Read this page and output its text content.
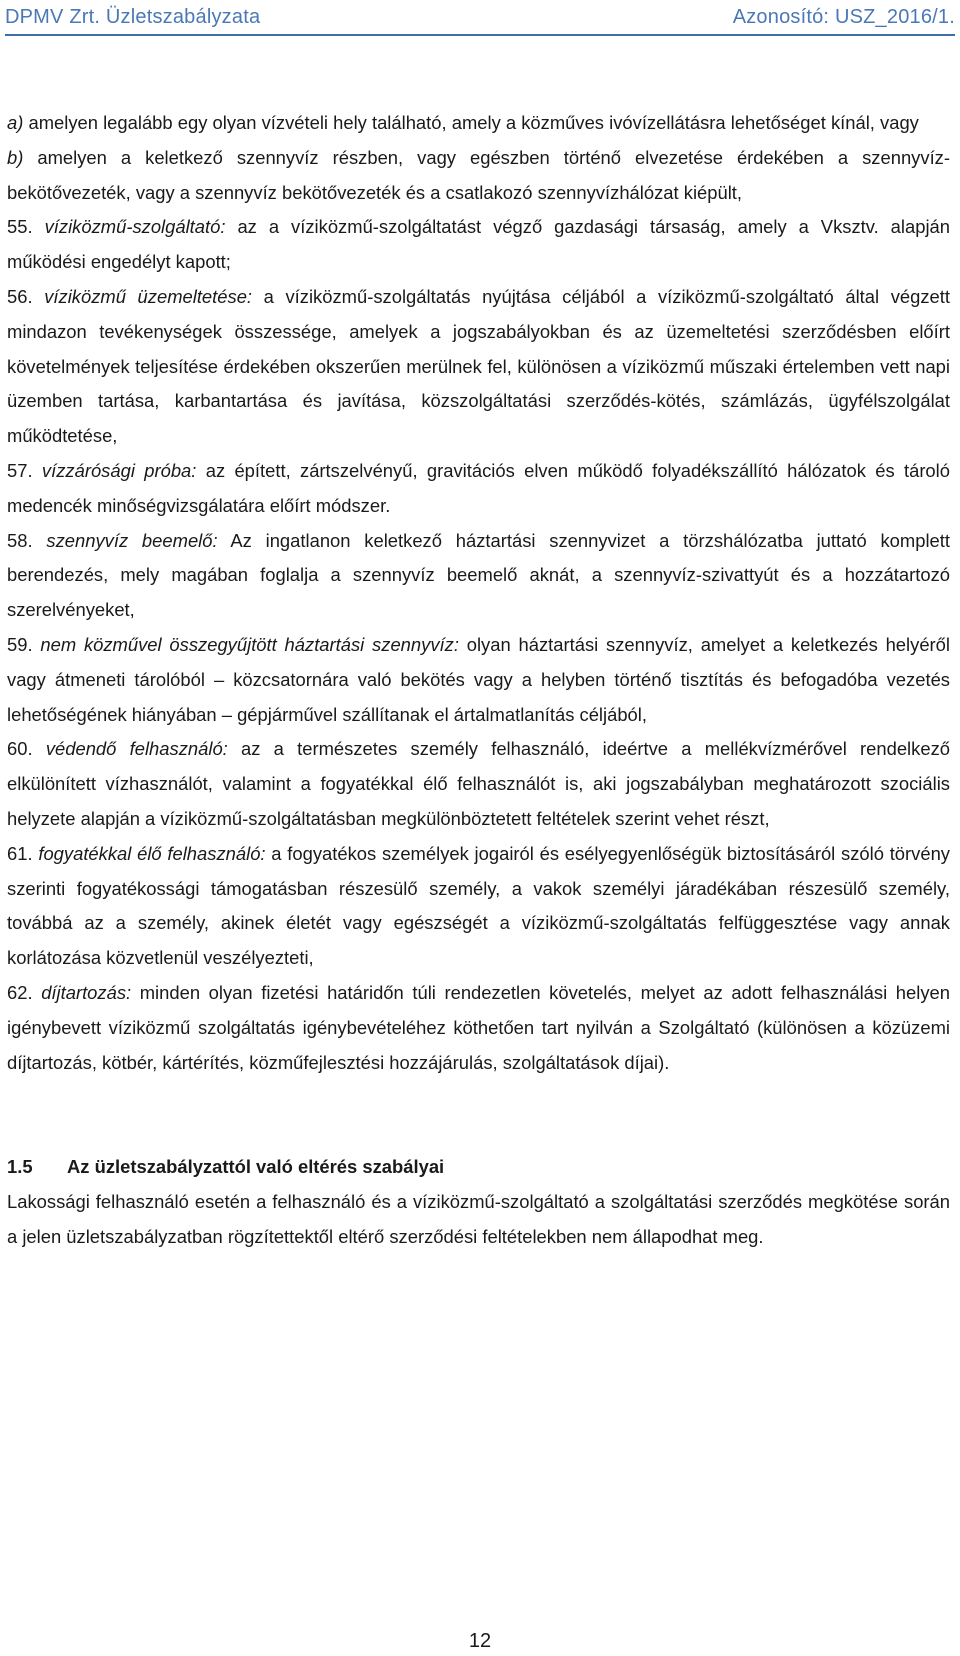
DPMV Zrt. Üzletszabályzata	Azonosító: USZ_2016/1.

a) amelyen legalább egy olyan vízvételi hely található, amely a közműves ivóvízellátásra lehetőséget kínál, vagy

b) amelyen a keletkező szennyvíz részben, vagy egészben történő elvezetése érdekében a szennyvíz-bekötővezeték, vagy a szennyvíz bekötővezeték és a csatlakozó szennyvízhálózat kiépült,

55. víziközmű-szolgáltató: az a víziközmű-szolgáltatást végző gazdasági társaság, amely a Vksztv. alapján működési engedélyt kapott;

56. víziközmű üzemeltetése: a víziközmű-szolgáltatás nyújtása céljából a víziközmű-szolgáltató által végzett mindazon tevékenységek összessége, amelyek a jogszabályokban és az üzemeltetési szerződésben előírt követelmények teljesítése érdekében okszerűen merülnek fel, különösen a víziközmű műszaki értelemben vett napi üzemben tartása, karbantartása és javítása, közszolgáltatási szerződés-kötés, számlázás, ügyfélszolgálat működtetése,

57. vízzárósági próba: az épített, zártszelvényű, gravitációs elven működő folyadékszállító hálózatok és tároló medencék minőségvizsgálatára előírt módszer.

58. szennyvíz beemelő: Az ingatlanon keletkező háztartási szennyvizet a törzshálózatba juttató komplett berendezés, mely magában foglalja a szennyvíz beemelő aknát, a szennyvíz-szivattyút és a hozzátartozó szerelvényeket,

59. nem közművel összegyűjtött háztartási szennyvíz: olyan háztartási szennyvíz, amelyet a keletkezés helyéről vagy átmeneti tárolóból – közcsatornára való bekötés vagy a helyben történő tisztítás és befogadóba vezetés lehetőségének hiányában – gépjárművel szállítanak el ártalmatlanítás céljából,

60. védendő felhasználó: az a természetes személy felhasználó, ideértve a mellékvízmérővel rendelkező elkülönített vízhasználót, valamint a fogyatékkal élő felhasználót is, aki jogszabályban meghatározott szociális helyzete alapján a víziközmű-szolgáltatásban megkülönböztetett feltételek szerint vehet részt,

61. fogyatékkal élő felhasználó: a fogyatékos személyek jogairól és esélyegyenlőségük biztosításáról szóló törvény szerinti fogyatékossági támogatásban részesülő személy, a vakok személyi járadékában részesülő személy, továbbá az a személy, akinek életét vagy egészségét a víziközmű-szolgáltatás felfüggesztése vagy annak korlátozása közvetlenül veszélyezteti,

62. díjtartozás: minden olyan fizetési határidőn túli rendezetlen követelés, melyet az adott felhasználási helyen igénybevett víziközmű szolgáltatás igénybevételéhez köthetően tart nyilván a Szolgáltató (különösen a közüzemi díjtartozás, kötbér, kártérítés, közműfejlesztési hozzájárulás, szolgáltatások díjai).

1.5	Az üzletszabályzattól való eltérés szabályai

Lakossági felhasználó esetén a felhasználó és a víziközmű-szolgáltató a szolgáltatási szerződés megkötése során a jelen üzletszabályzatban rögzítettektől eltérő szerződési feltételekben nem állapodhat meg.

12
